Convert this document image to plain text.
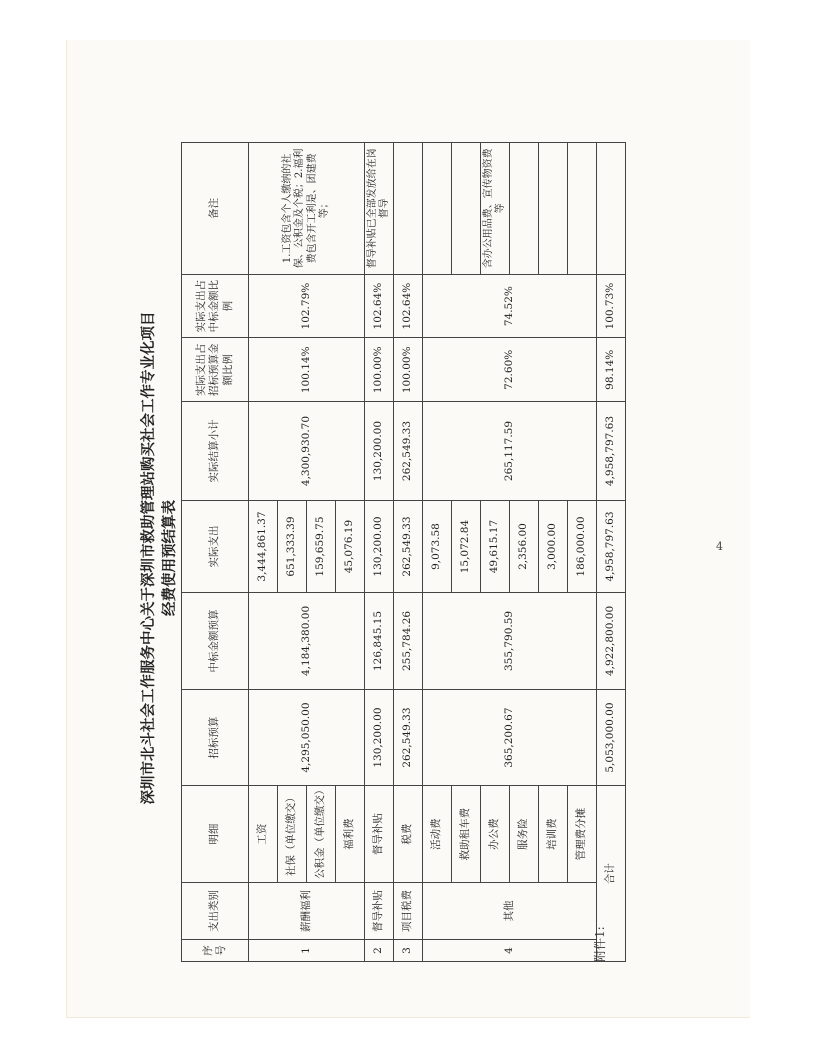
深圳市北斗社会工作服务中心关于深圳市救助管理站购买社会工作专业化项目 经费使用预结算表
序号	支出类别	明细	招标预算	中标金额预算	实际支出	实际结算小计	实际支出占招标预算金额比例	实际支出占中标金额比例	备注
1	薪酬福利	工资	4,295,050.00	4,184,380.00	3,444,861.37	4,300,930.70	100.14%	102.79%	1.工资包含个人缴纳的社保、公积金及个税；2.福利费包含开工利是、团建费等；
		社保（单位缴交）			651,333.39				
		公积金（单位缴交）			159,659.75				
		福利费			45,076.19				
2	督导补贴	督导补贴	130,200.00	126,845.15	130,200.00	130,200.00	100.00%	102.64%	督导补贴已全部发放给在岗督导
3	项目税费	税费	262,549.33	255,784.26	262,549.33	262,549.33	100.00%	102.64%	
4	其他	活动费	365,200.67	355,790.59	9,073.58	265,117.59	72.60%	74.52%	
		救助租车费			15,072.84				
		办公费			49,615.17				含办公用品费、宣传物资费等
		服务险			2,356.00				
		培训费			3,000.00				
		管理费分摊			186,000.00				
合计			5,053,000.00	4,922,800.00	4,958,797.63	4,958,797.63	98.14%	100.73%	
附件1:
4
